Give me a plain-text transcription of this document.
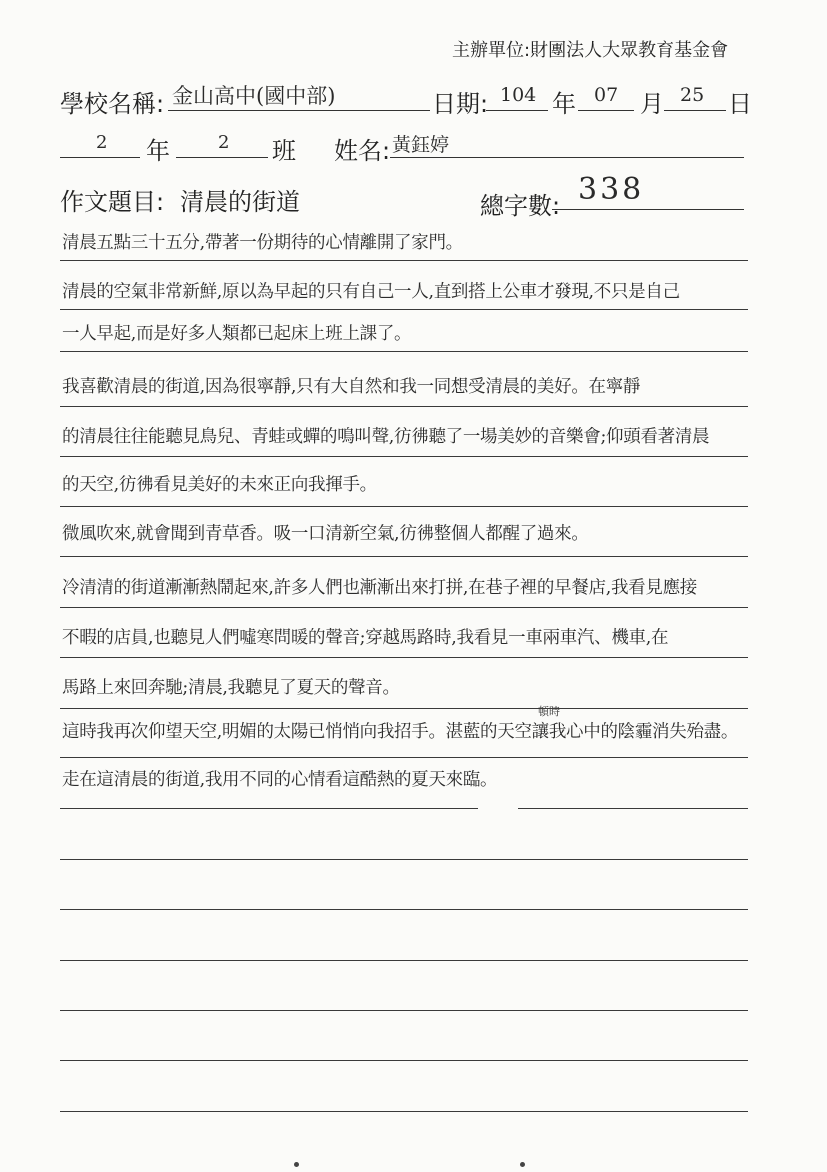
主辦單位:財團法人大眾教育基金會
學校名稱: 金山高中(國中部)	日期: 104 年 07 月 25 日
2 年	2 班 姓名: 黃鈺婷
作文題目: 清晨的街道	總字數: 338
清晨五點三十五分,帶著一份期待的心情離開了家門。
清晨的空氣非常新鮮,原以為早起的只有自己一人,直到搭上公車才發現,不只是自己
一人早起,而是好多人類都已起床上班上課了。
我喜歡清晨的街道,因為很寧靜,只有大自然和我一同想受清晨的美好。在寧靜
的清晨往往能聽見鳥兒、青蛙或蟬的鳴叫聲,彷彿聽了一場美妙的音樂會;仰頭看著清晨
的天空,彷彿看見美好的未來正向我揮手。
微風吹來,就會聞到青草香。吸一口清新空氣,彷彿整個人都醒了過來。
冷清清的街道漸漸熱鬧起來,許多人們也漸漸出來打拼,在巷子裡的早餐店,我看見應接
不暇的店員,也聽見人們噓寒問暖的聲音;穿越馬路時,我看見一車兩車汽、機車,在
馬路上來回奔馳;清晨,我聽見了夏天的聲音。
頓時
這時我再次仰望天空,明媚的太陽已悄悄向我招手。湛藍的天空讓我心中的陰霾消失殆盡。
走在這清晨的街道,我用不同的心情看這酷熱的夏天來臨。
